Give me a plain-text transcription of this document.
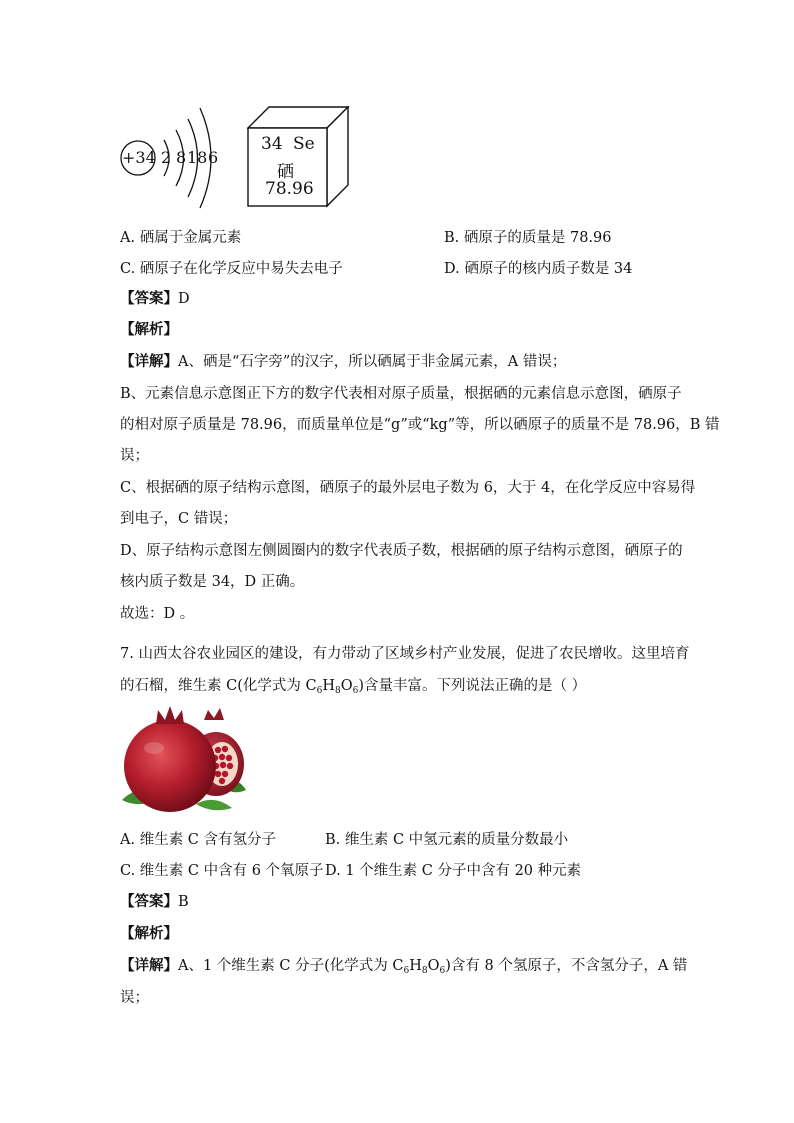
+34 2 8 18 6
34 Se
硒
78.96
A. 硒属于金属元素	B. 硒原子的质量是 78.96
C. 硒原子在化学反应中易失去电子	D. 硒原子的核内质子数是 34
【答案】D
【解析】
【详解】A、硒是“石字旁”的汉字，所以硒属于非金属元素，A 错误；
B、元素信息示意图正下方的数字代表相对原子质量，根据硒的元素信息示意图，硒原子
的相对原子质量是 78.96，而质量单位是“g”或“kg”等，所以硒原子的质量不是 78.96，B 错
误；
C、根据硒的原子结构示意图，硒原子的最外层电子数为 6，大于 4，在化学反应中容易得
到电子，C 错误；
D、原子结构示意图左侧圆圈内的数字代表质子数，根据硒的原子结构示意图，硒原子的
核内质子数是 34，D 正确。
故选：D 。
7. 山西太谷农业园区的建设，有力带动了区域乡村产业发展，促进了农民增收。这里培育
的石榴，维生素 C(化学式为 $C_6H_8O_6$)含量丰富。下列说法正确的是（ ）
A. 维生素 C 含有氢分子	B. 维生素 C 中氢元素的质量分数最小
C. 维生素 C 中含有 6 个氧原子 D. 1 个维生素 C 分子中含有 20 种元素
【答案】B
【解析】
【详解】A、1 个维生素 C 分子(化学式为 $C_6H_8O_6$)含有 8 个氢原子，不含氢分子，A 错
误；
